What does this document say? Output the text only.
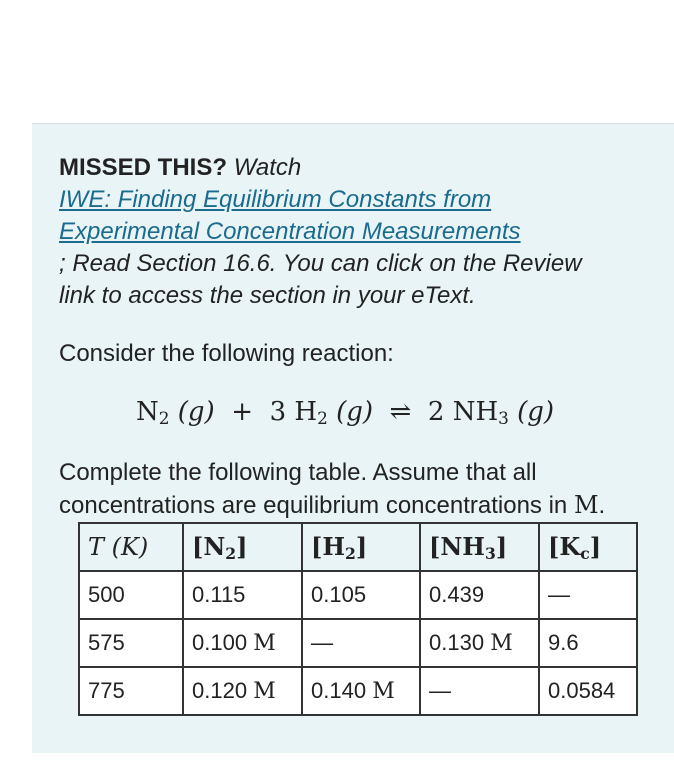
MISSED THIS? Watch
IWE: Finding Equilibrium Constants from
Experimental Concentration Measurements
; Read Section 16.6. You can click on the Review
link to access the section in your eText.
Consider the following reaction:
$N_2$ (g) + 3 $H_2$ (g) ⇌ 2 $NH_3$ (g)
Complete the following table. Assume that all concentrations are equilibrium concentrations in M.
T (K)	$[N_2]$	$[H_2]$	$[NH_3]$	$[K_c]$
500	0.115	0.105	0.439	—
575	0.100 M	—	0.130 M	9.6
775	0.120 M	0.140 M	—	0.0584
